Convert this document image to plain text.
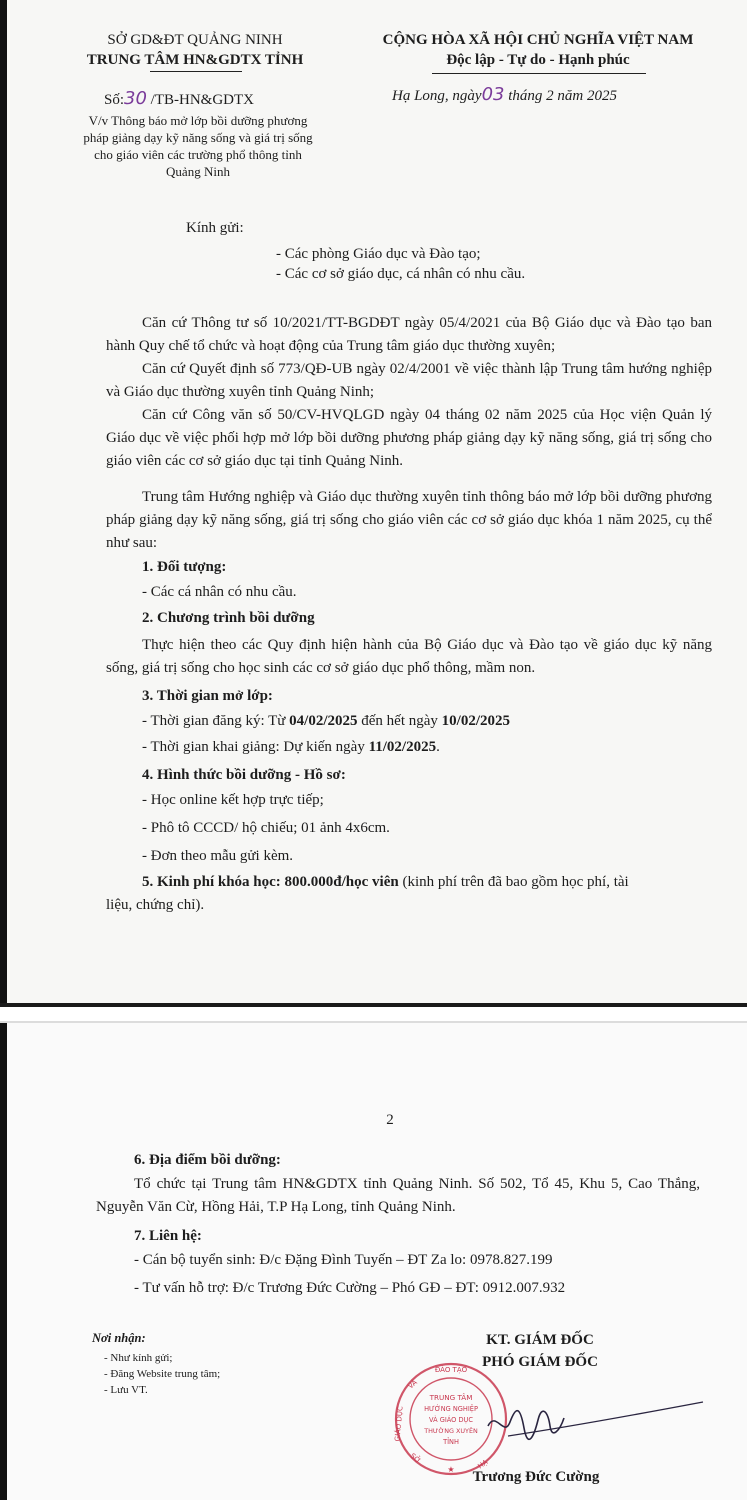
SỞ GD&ĐT QUẢNG NINH
TRUNG TÂM HN&GDTX TỈNH
CỘNG HÒA XÃ HỘI CHỦ NGHĨA VIỆT NAM
Độc lập - Tự do - Hạnh phúc
Số:30 /TB-HN&GDTX	Hạ Long, ngày03 tháng 2 năm 2025
V/v Thông báo mở lớp bồi dưỡng phương
pháp giảng dạy kỹ năng sống và giá trị sống
cho giáo viên các trường phổ thông tỉnh
Quảng Ninh
Kính gửi:
- Các phòng Giáo dục và Đào tạo;
- Các cơ sở giáo dục, cá nhân có nhu cầu.
Căn cứ Thông tư số 10/2021/TT-BGDĐT ngày 05/4/2021 của Bộ Giáo dục và Đào tạo ban hành Quy chế tổ chức và hoạt động của Trung tâm giáo dục thường xuyên;
Căn cứ Quyết định số 773/QĐ-UB ngày 02/4/2001 về việc thành lập Trung tâm hướng nghiệp và Giáo dục thường xuyên tỉnh Quảng Ninh;
Căn cứ Công văn số 50/CV-HVQLGD ngày 04 tháng 02 năm 2025 của Học viện Quản lý Giáo dục về việc phối hợp mở lớp bồi dưỡng phương pháp giảng dạy kỹ năng sống, giá trị sống cho giáo viên các cơ sở giáo dục tại tỉnh Quảng Ninh.
Trung tâm Hướng nghiệp và Giáo dục thường xuyên tỉnh thông báo mở lớp bồi dưỡng phương pháp giảng dạy kỹ năng sống, giá trị sống cho giáo viên các cơ sở giáo dục khóa 1 năm 2025, cụ thể như sau:
1. Đối tượng:
- Các cá nhân có nhu cầu.
2. Chương trình bồi dưỡng
Thực hiện theo các Quy định hiện hành của Bộ Giáo dục và Đào tạo về giáo dục kỹ năng sống, giá trị sống cho học sinh các cơ sở giáo dục phổ thông, mầm non.
3. Thời gian mở lớp:
- Thời gian đăng ký: Từ 04/02/2025 đến hết ngày 10/02/2025
- Thời gian khai giảng: Dự kiến ngày 11/02/2025.
4. Hình thức bồi dưỡng - Hồ sơ:
- Học online kết hợp trực tiếp;
- Phô tô CCCD/ hộ chiếu; 01 ảnh 4x6cm.
- Đơn theo mẫu gửi kèm.
5. Kinh phí khóa học: 800.000đ/học viên (kinh phí trên đã bao gồm học phí, tài
liệu, chứng chỉ).
2
6. Địa điểm bồi dưỡng:
Tổ chức tại Trung tâm HN&GDTX tỉnh Quảng Ninh. Số 502, Tổ 45, Khu 5, Cao Thắng, Nguyễn Văn Cừ, Hồng Hải, T.P Hạ Long, tỉnh Quảng Ninh.
7. Liên hệ:
- Cán bộ tuyển sinh: Đ/c Đặng Đình Tuyến – ĐT Za lo: 0978.827.199
- Tư vấn hỗ trợ: Đ/c Trương Đức Cường – Phó GĐ – ĐT: 0912.007.932
Nơi nhận:
- Như kính gửi;
- Đăng Website trung tâm;
- Lưu VT.
KT. GIÁM ĐỐC
PHÓ GIÁM ĐỐC
ĐÀO TẠO
VÀ
GIÁO DỤC
SỞ	HẠ
TRUNG TÂM
HƯỚNG NGHIỆP
VÀ GIÁO DỤC
THƯỜNG XUYÊN
TỈNH
★	Trương Đức Cường
